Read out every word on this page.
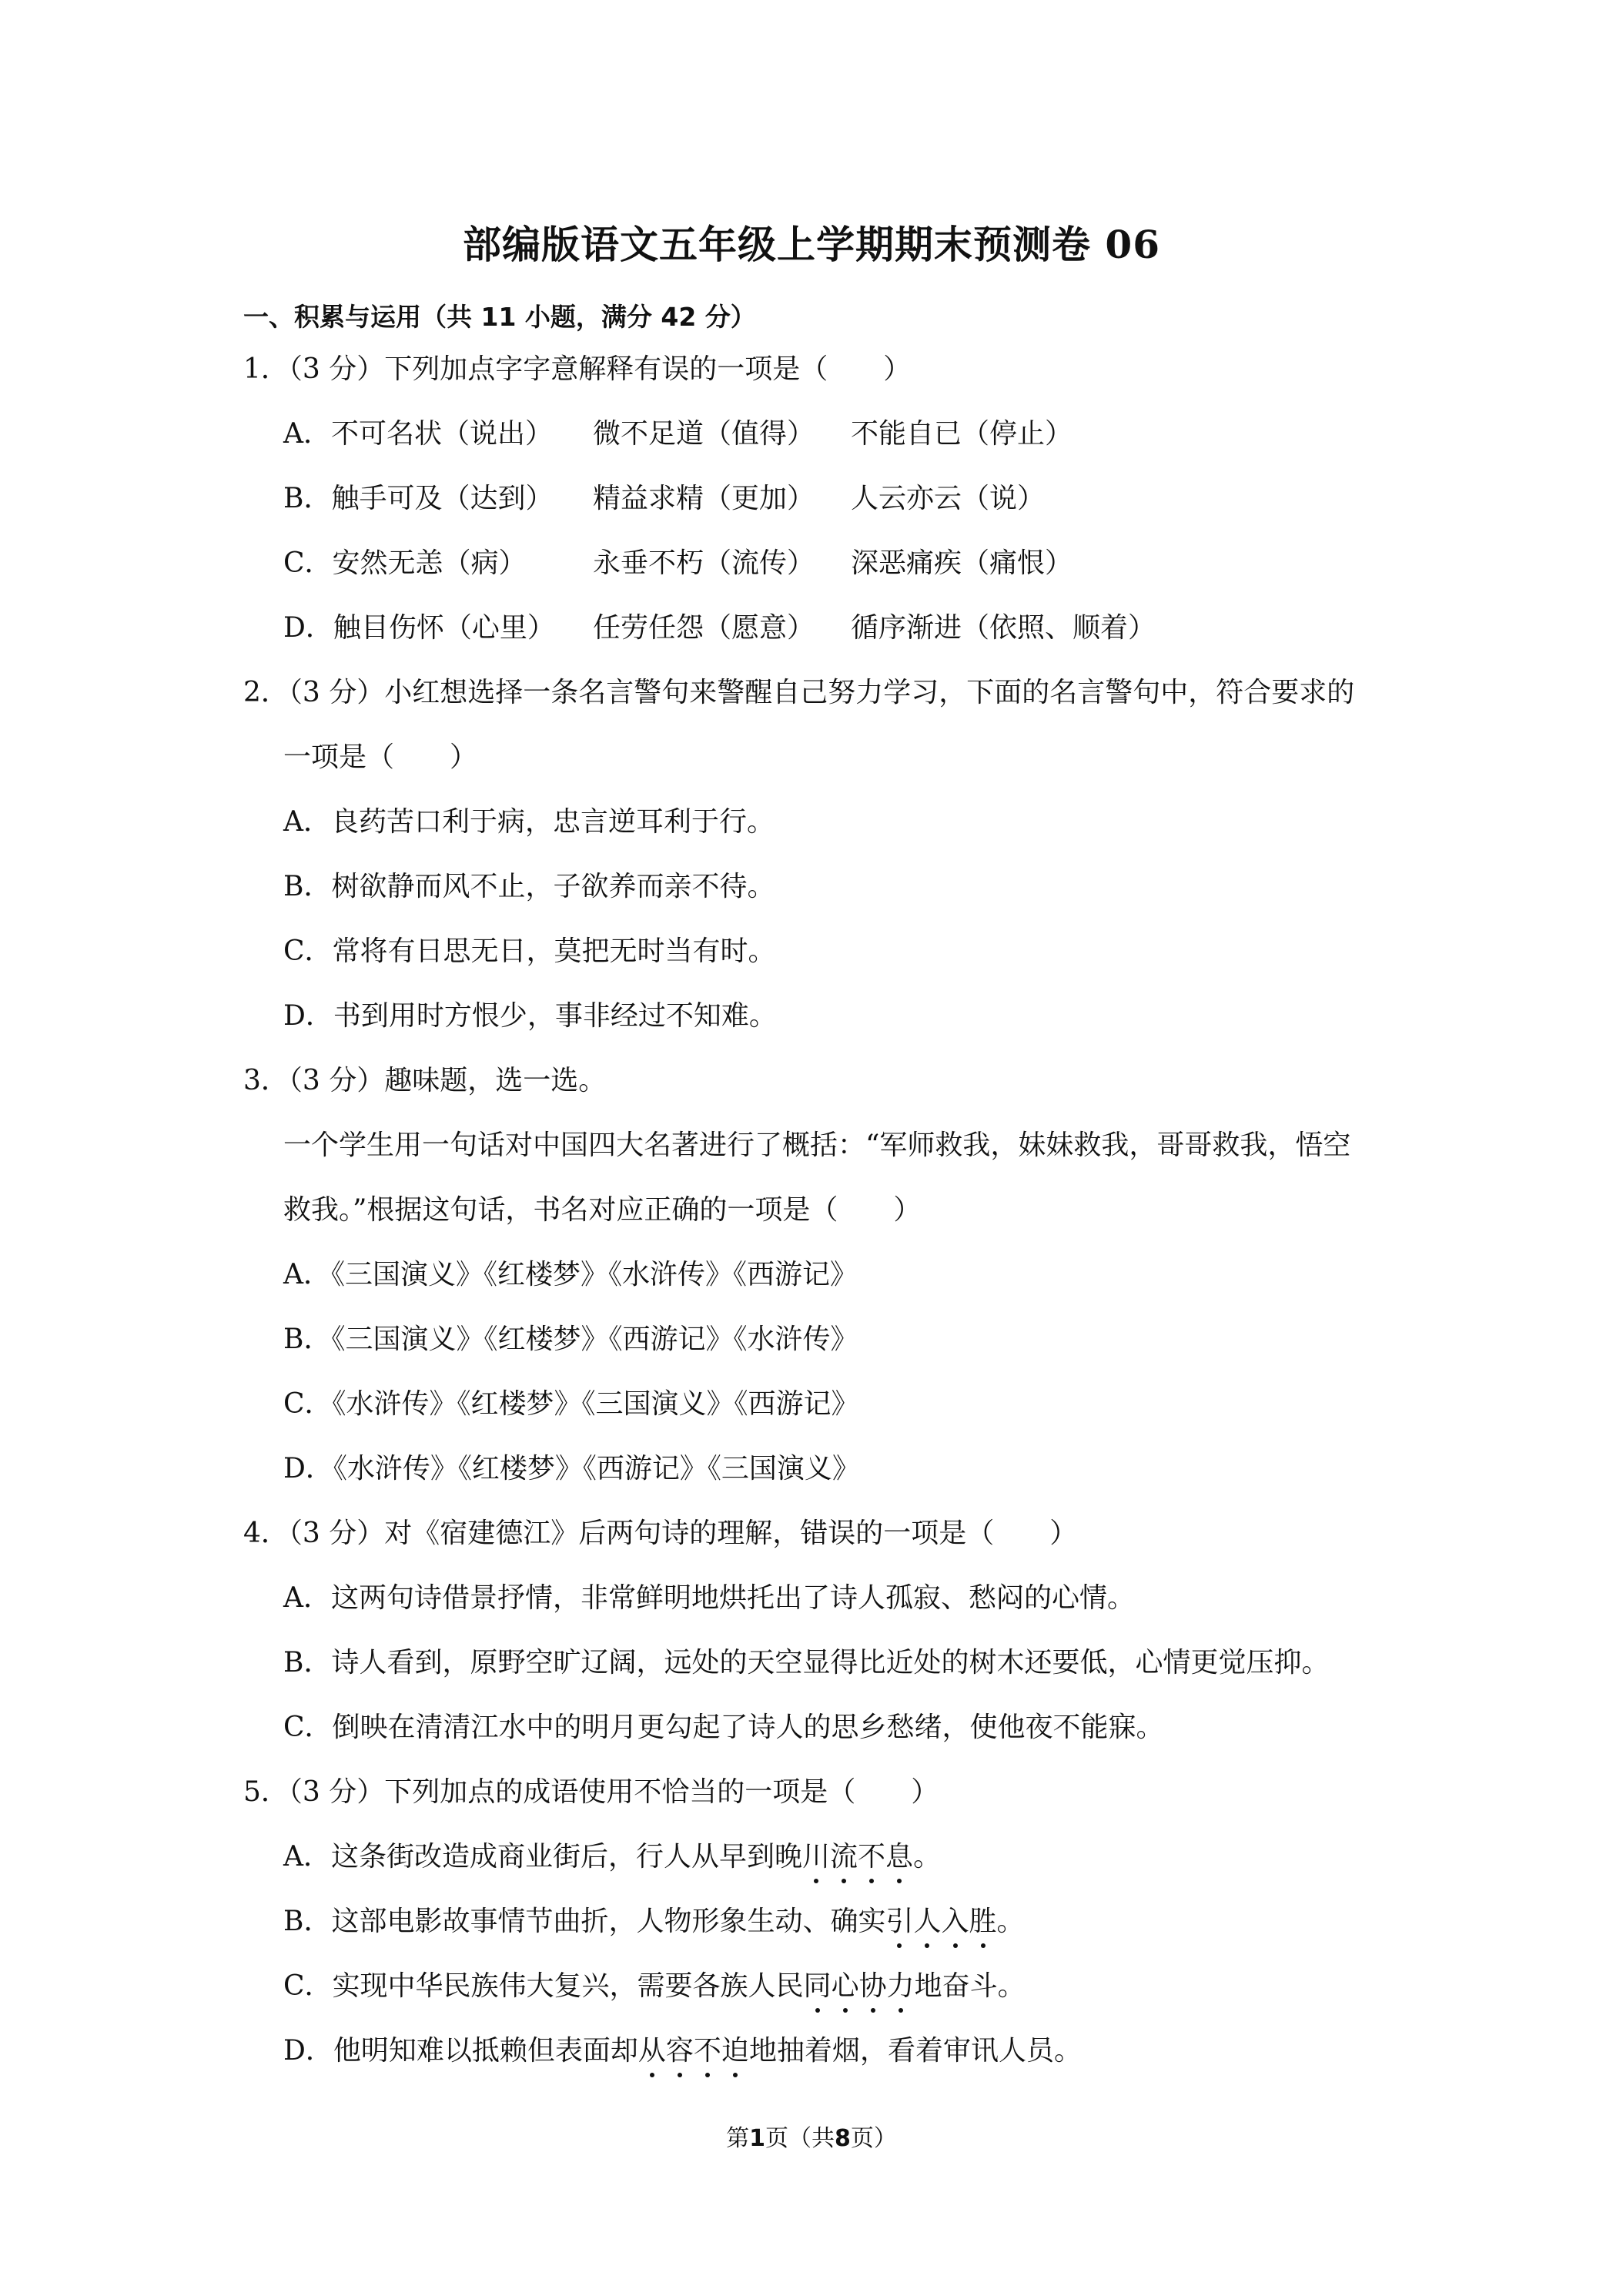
部编版语文五年级上学期期末预测卷 06
一、积累与运用（共 11 小题，满分 42 分）
1．（3 分）下列加点字字意解释有误的一项是（　　）
A．不可名状（说出） 微不足道（值得） 不能自已（停止）
B．触手可及（达到） 精益求精（更加） 人云亦云（说）
C．安然无恙（病） 永垂不朽（流传） 深恶痛疾（痛恨）
D．触目伤怀（心里） 任劳任怨（愿意） 循序渐进（依照、顺着）
2．（3 分）小红想选择一条名言警句来警醒自己努力学习，下面的名言警句中，符合要求的
一项是（　　）
A．良药苦口利于病，忠言逆耳利于行。
B．树欲静而风不止，子欲养而亲不待。
C．常将有日思无日，莫把无时当有时。
D．书到用时方恨少，事非经过不知难。
3．（3 分）趣味题，选一选。
一个学生用一句话对中国四大名著进行了概括：“军师救我，妹妹救我，哥哥救我，悟空
救我。”根据这句话，书名对应正确的一项是（　　）
A．《三国演义》《红楼梦》《水浒传》《西游记》
B．《三国演义》《红楼梦》《西游记》《水浒传》
C．《水浒传》《红楼梦》《三国演义》《西游记》
D．《水浒传》《红楼梦》《西游记》《三国演义》
4．（3 分）对《宿建德江》后两句诗的理解，错误的一项是（　　）
A．这两句诗借景抒情，非常鲜明地烘托出了诗人孤寂、愁闷的心情。
B．诗人看到，原野空旷辽阔，远处的天空显得比近处的树木还要低，心情更觉压抑。
C．倒映在清清江水中的明月更勾起了诗人的思乡愁绪，使他夜不能寐。
5．（3 分）下列加点的成语使用不恰当的一项是（　　）
A．这条街改造成商业街后，行人从早到晚川流不息。
B．这部电影故事情节曲折，人物形象生动、确实引人入胜。
C．实现中华民族伟大复兴，需要各族人民同心协力地奋斗。
D．他明知难以抵赖但表面却从容不迫地抽着烟，看着审讯人员。
第1页（共8页）
